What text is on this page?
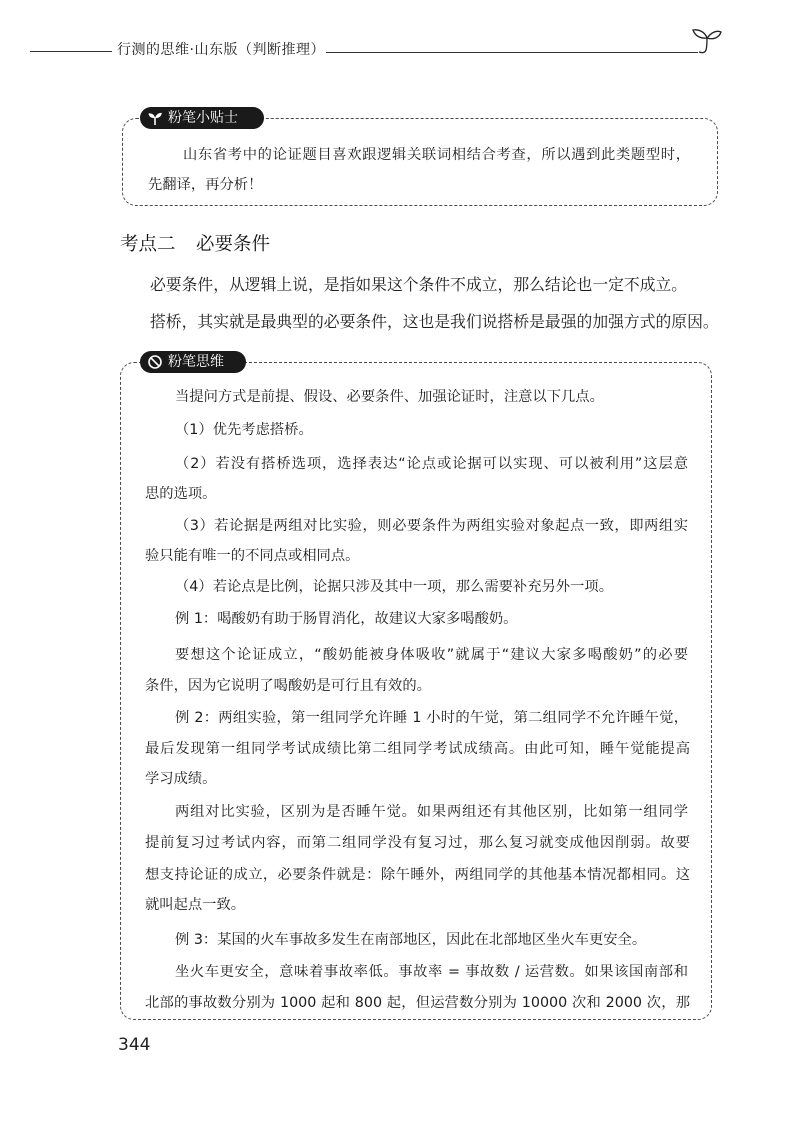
行测的思维·山东版（判断推理）
粉笔小贴士
山东省考中的论证题目喜欢跟逻辑关联词相结合考查，所以遇到此类题型时，
先翻译，再分析！
考点二 必要条件
必要条件，从逻辑上说，是指如果这个条件不成立，那么结论也一定不成立。
搭桥，其实就是最典型的必要条件，这也是我们说搭桥是最强的加强方式的原因。
粉笔思维
当提问方式是前提、假设、必要条件、加强论证时，注意以下几点。
（1）优先考虑搭桥。
（2）若没有搭桥选项，选择表达“论点或论据可以实现、可以被利用”这层意
思的选项。
（3）若论据是两组对比实验，则必要条件为两组实验对象起点一致，即两组实
验只能有唯一的不同点或相同点。
（4）若论点是比例，论据只涉及其中一项，那么需要补充另外一项。
例 1：喝酸奶有助于肠胃消化，故建议大家多喝酸奶。
要想这个论证成立，“酸奶能被身体吸收”就属于“建议大家多喝酸奶”的必要
条件，因为它说明了喝酸奶是可行且有效的。
例 2：两组实验，第一组同学允许睡 1 小时的午觉，第二组同学不允许睡午觉，
最后发现第一组同学考试成绩比第二组同学考试成绩高。由此可知，睡午觉能提高
学习成绩。
两组对比实验，区别为是否睡午觉。如果两组还有其他区别，比如第一组同学
提前复习过考试内容，而第二组同学没有复习过，那么复习就变成他因削弱。故要
想支持论证的成立，必要条件就是：除午睡外，两组同学的其他基本情况都相同。这
就叫起点一致。
例 3：某国的火车事故多发生在南部地区，因此在北部地区坐火车更安全。
坐火车更安全，意味着事故率低。事故率 = 事故数 / 运营数。如果该国南部和
北部的事故数分别为 1000 起和 800 起，但运营数分别为 10000 次和 2000 次，那
344
